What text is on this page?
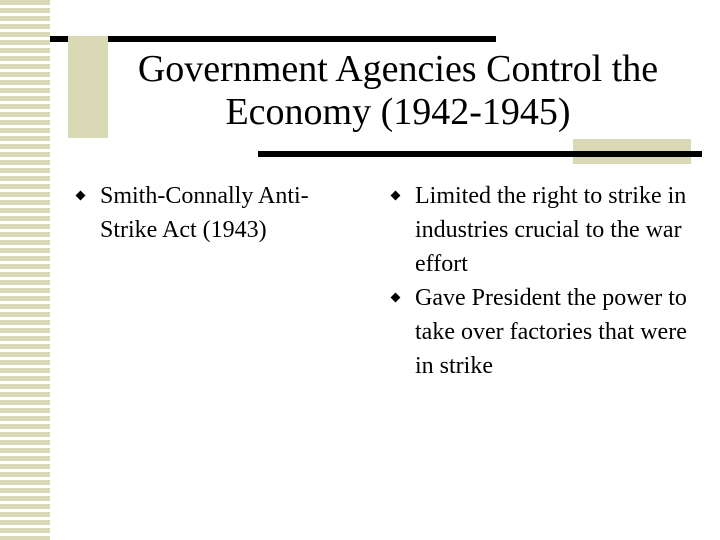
Government Agencies Control the Economy (1942-1945)
Smith-Connally Anti-Strike Act (1943)
Limited the right to strike in industries crucial to the war effort
Gave President the power to take over factories that were in strike
